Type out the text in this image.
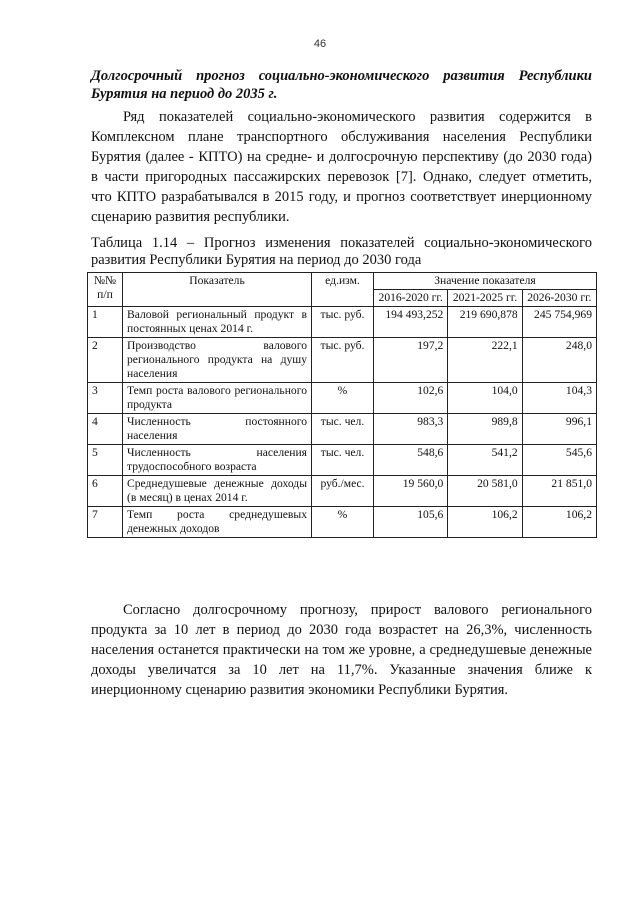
46
Долгосрочный прогноз социально-экономического развития Республики Бурятия на период до 2035 г.
Ряд показателей социально-экономического развития содержится в Комплексном плане транспортного обслуживания населения Республики Бурятия (далее - КПТО) на средне- и долгосрочную перспективу (до 2030 года) в части пригородных пассажирских перевозок [7]. Однако, следует отметить, что КПТО разрабатывался в 2015 году, и прогноз соответствует инерционному сценарию развития республики.
Таблица 1.14 – Прогноз изменения показателей социально-экономического развития Республики Бурятия на период до 2030 года
№№ п/п	Показатель	ед.изм.	Значение показателя		
			2016-2020 гг.	2021-2025 гг.	2026-2030 гг.
1	Валовой региональный продукт в постоянных ценах 2014 г.	тыс. руб.	194 493,252	219 690,878	245 754,969
2	Производство валового регионального продукта на душу населения	тыс. руб.	197,2	222,1	248,0
3	Темп роста валового регионального продукта	%	102,6	104,0	104,3
4	Численность постоянного населения	тыс. чел.	983,3	989,8	996,1
5	Численность населения трудоспособного возраста	тыс. чел.	548,6	541,2	545,6
6	Среднедушевые денежные доходы (в месяц) в ценах 2014 г.	руб./мес.	19 560,0	20 581,0	21 851,0
7	Темп роста среднедушевых денежных доходов	%	105,6	106,2	106,2
Согласно долгосрочному прогнозу, прирост валового регионального продукта за 10 лет в период до 2030 года возрастет на 26,3%, численность населения останется практически на том же уровне, а среднедушевые денежные доходы увеличатся за 10 лет на 11,7%. Указанные значения ближе к инерционному сценарию развития экономики Республики Бурятия.
